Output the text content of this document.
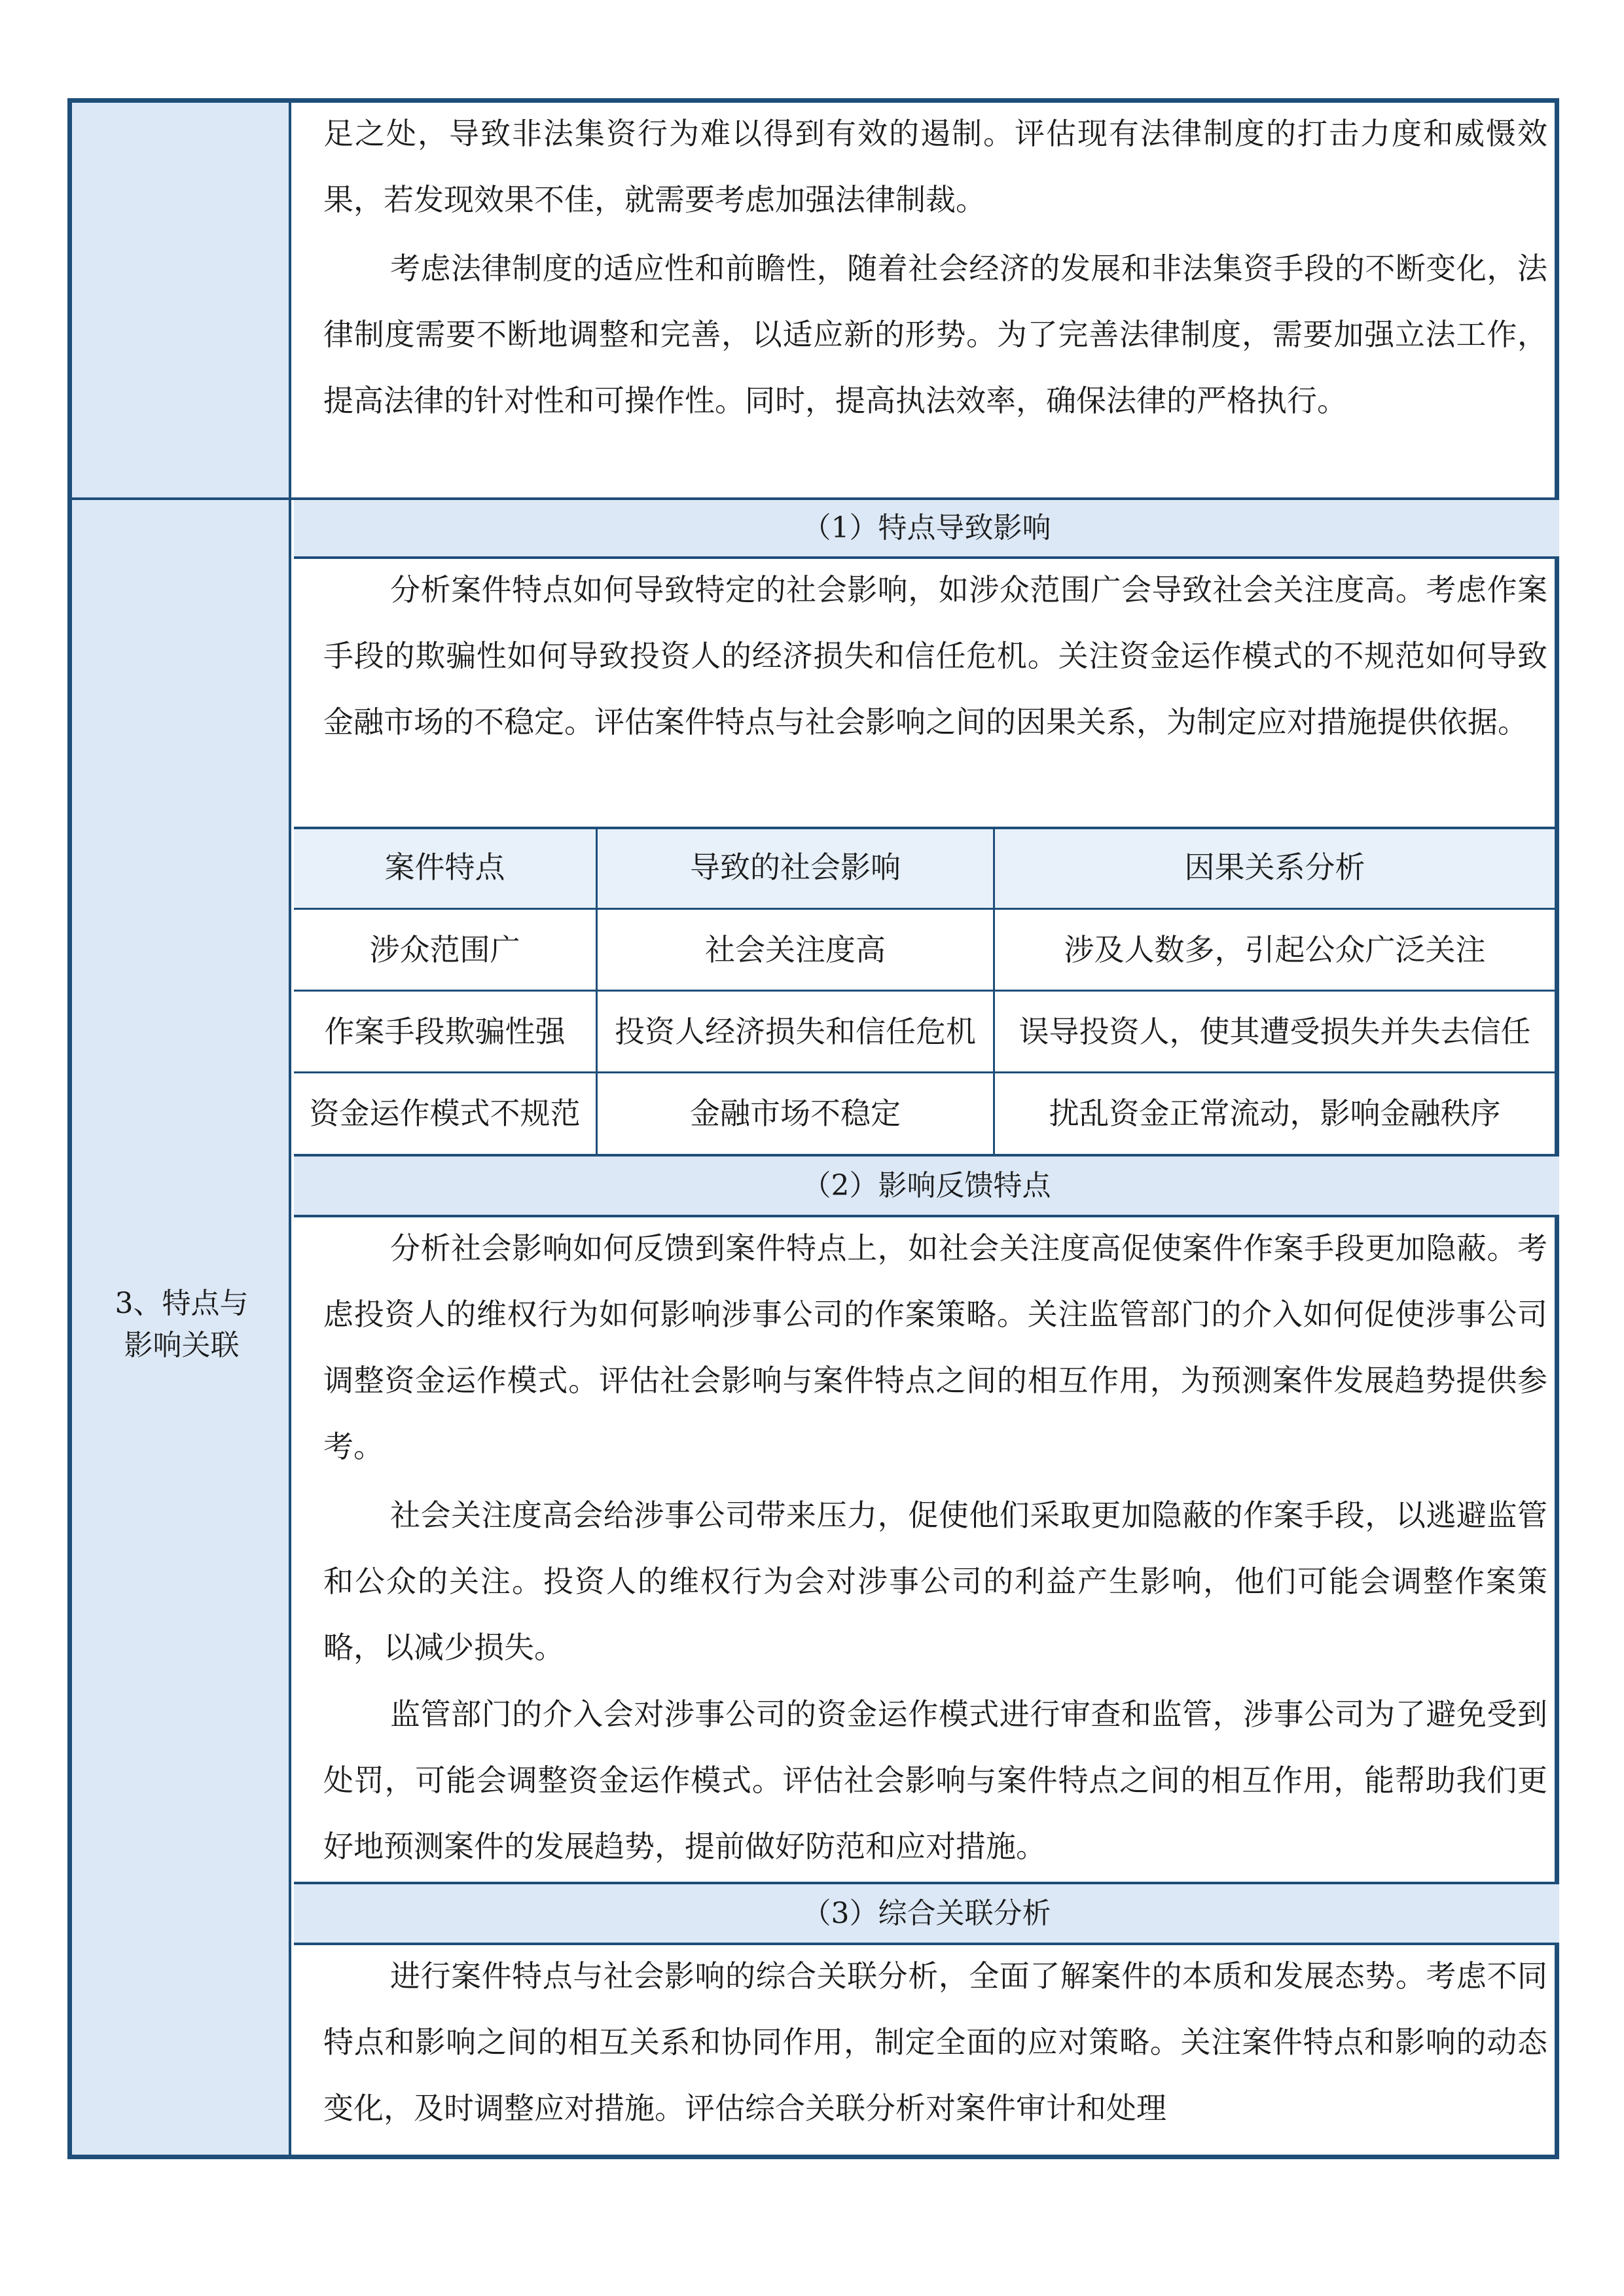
足之处，导致非法集资行为难以得到有效的遏制。评估现有法律制度的打击力度和威慑效果，若发现效果不佳，就需要考虑加强法律制裁。

考虑法律制度的适应性和前瞻性，随着社会经济的发展和非法集资手段的不断变化，法律制度需要不断地调整和完善，以适应新的形势。为了完善法律制度，需要加强立法工作，提高法律的针对性和可操作性。同时，提高执法效率，确保法律的严格执行。

3、特点与
影响关联
（1）特点导致影响

分析案件特点如何导致特定的社会影响，如涉众范围广会导致社会关注度高。考虑作案手段的欺骗性如何导致投资人的经济损失和信任危机。关注资金运作模式的不规范如何导致金融市场的不稳定。评估案件特点与社会影响之间的因果关系，为制定应对措施提供依据。

案件特点	导致的社会影响	因果关系分析
涉众范围广	社会关注度高	涉及人数多，引起公众广泛关注
作案手段欺骗性强	投资人经济损失和信任危机	误导投资人，使其遭受损失并失去信任
资金运作模式不规范	金融市场不稳定	扰乱资金正常流动，影响金融秩序
（2）影响反馈特点

分析社会影响如何反馈到案件特点上，如社会关注度高促使案件作案手段更加隐蔽。考虑投资人的维权行为如何影响涉事公司的作案策略。关注监管部门的介入如何促使涉事公司调整资金运作模式。评估社会影响与案件特点之间的相互作用，为预测案件发展趋势提供参考。

社会关注度高会给涉事公司带来压力，促使他们采取更加隐蔽的作案手段，以逃避监管和公众的关注。投资人的维权行为会对涉事公司的利益产生影响，他们可能会调整作案策略，以减少损失。

监管部门的介入会对涉事公司的资金运作模式进行审查和监管，涉事公司为了避免受到处罚，可能会调整资金运作模式。评估社会影响与案件特点之间的相互作用，能帮助我们更好地预测案件的发展趋势，提前做好防范和应对措施。

（3）综合关联分析

进行案件特点与社会影响的综合关联分析，全面了解案件的本质和发展态势。考虑不同特点和影响之间的相互关系和协同作用，制定全面的应对策略。关注案件特点和影响的动态变化，及时调整应对措施。评估综合关联分析对案件审计和处理
